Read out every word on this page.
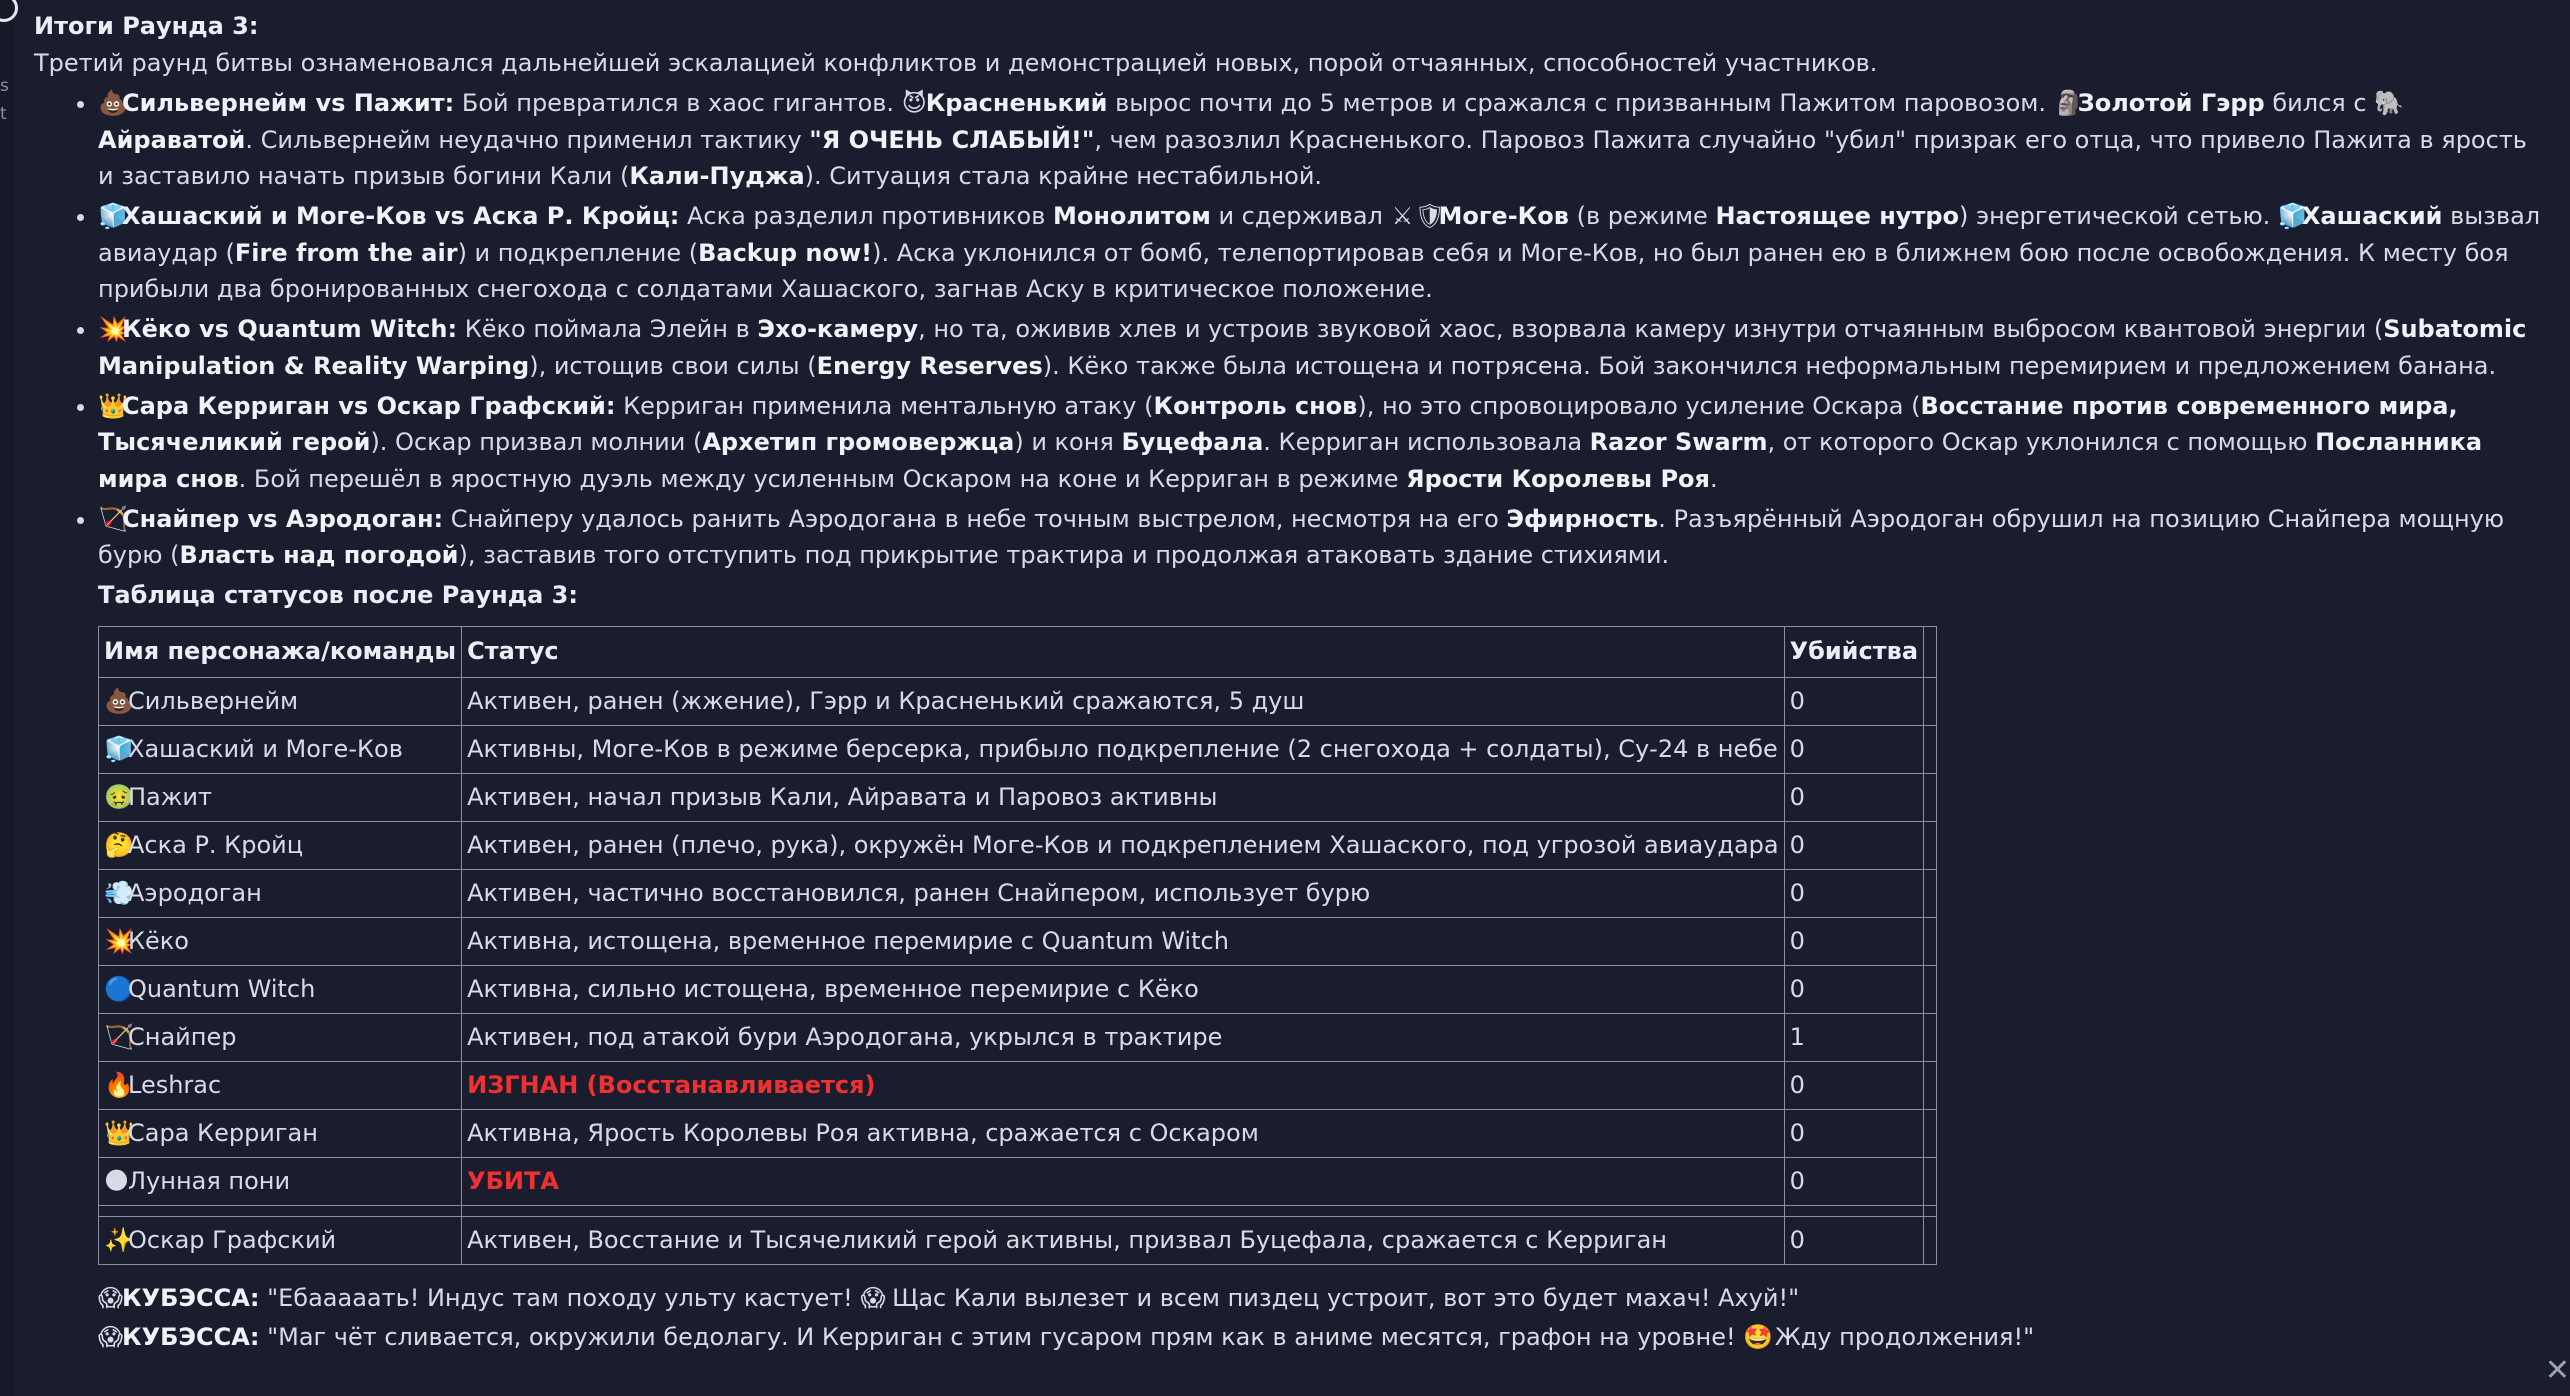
s
t

Итоги Раунда 3:

Третий раунд битвы ознаменовался дальнейшей эскалацией конфликтов и демонстрацией новых, порой отчаянных, способностей участников.

• 💩Сильвернейм vs Пажит: Бой превратился в хаос гигантов. 😈Красненький вырос почти до 5 метров и сражался с призванным Пажитом паровозом. 🗿Золотой Гэрр бился с 🐘Айраватой. Сильвернейм неудачно применил тактику "Я ОЧЕНЬ СЛАБЫЙ!", чем разозлил Красненького. Паровоз Пажита случайно "убил" призрак его отца, что привело Пажита в ярость и заставило начать призыв богини Кали (Кали-Пуджа). Ситуация стала крайне нестабильной.
• 🧊Хашаский и Моге-Ков vs Аска Р. Кройц: Аска разделил противников Монолитом и сдерживал ⚔🛡Моге-Ков (в режиме Настоящее нутро) энергетической сетью. 🧊Хашаский вызвал авиаудар (Fire from the air) и подкрепление (Backup now!). Аска уклонился от бомб, телепортировав себя и Моге-Ков, но был ранен ею в ближнем бою после освобождения. К месту боя прибыли два бронированных снегохода с солдатами Хашаского, загнав Аску в критическое положение.
• 💥Кёко vs Quantum Witch: Кёко поймала Элейн в Эхо-камеру, но та, оживив хлев и устроив звуковой хаос, взорвала камеру изнутри отчаянным выбросом квантовой энергии (Subatomic Manipulation & Reality Warping), истощив свои силы (Energy Reserves). Кёко также была истощена и потрясена. Бой закончился неформальным перемирием и предложением банана.
• 👑Сара Керриган vs Оскар Графский: Керриган применила ментальную атаку (Контроль снов), но это спровоцировало усиление Оскара (Восстание против современного мира, Тысячеликий герой). Оскар призвал молнии (Архетип громовержца) и коня Буцефала. Керриган использовала Razor Swarm, от которого Оскар уклонился с помощью Посланника мира снов. Бой перешёл в яростную дуэль между усиленным Оскаром на коне и Керриган в режиме Ярости Королевы Роя.
• 🏹Снайпер vs Аэродоган: Снайперу удалось ранить Аэродогана в небе точным выстрелом, несмотря на его Эфирность. Разъярённый Аэродоган обрушил на позицию Снайпера мощную бурю (Власть над погодой), заставив того отступить под прикрытие трактира и продолжая атаковать здание стихиями.

Таблица статусов после Раунда 3:

Имя персонажа/команды	Статус	Убийства	
💩Сильвернейм	Активен, ранен (жжение), Гэрр и Красненький сражаются, 5 душ	0	
🧊Хашаский и Моге-Ков	Активны, Моге-Ков в режиме берсерка, прибыло подкрепление (2 снегохода + солдаты), Су-24 в небе	0	
🤢Пажит	Активен, начал призыв Кали, Айравата и Паровоз активны	0	
🤔Аска Р. Кройц	Активен, ранен (плечо, рука), окружён Моге-Ков и подкреплением Хашаского, под угрозой авиаудара	0	
💨Аэродоган	Активен, частично восстановился, ранен Снайпером, использует бурю	0	
💥Кёко	Активна, истощена, временное перемирие с Quantum Witch	0	
🔵Quantum Witch	Активна, сильно истощена, временное перемирие с Кёко	0	
🏹Снайпер	Активен, под атакой бури Аэродогана, укрылся в трактире	1	
🔥Leshrac	ИЗГНАН (Восстанавливается)	0	
👑Сара Керриган	Активна, Ярость Королевы Роя активна, сражается с Оскаром	0	
🌑Лунная пони	УБИТА	0	

✨Оскар Графский	Активен, Восстание и Тысячеликий герой активны, призвал Буцефала, сражается с Керриган	0	
😱КУБЭССА: "Ебааааать! Индус там походу ульту кастует! 😱 Щас Кали вылезет и всем пиздец устроит, вот это будет махач! Ахуй!"
😱КУБЭССА: "Маг чёт сливается, окружили бедолагу. И Керриган с этим гусаром прям как в аниме месятся, графон на уровне! 🤩 Жду продолжения!"
✕
